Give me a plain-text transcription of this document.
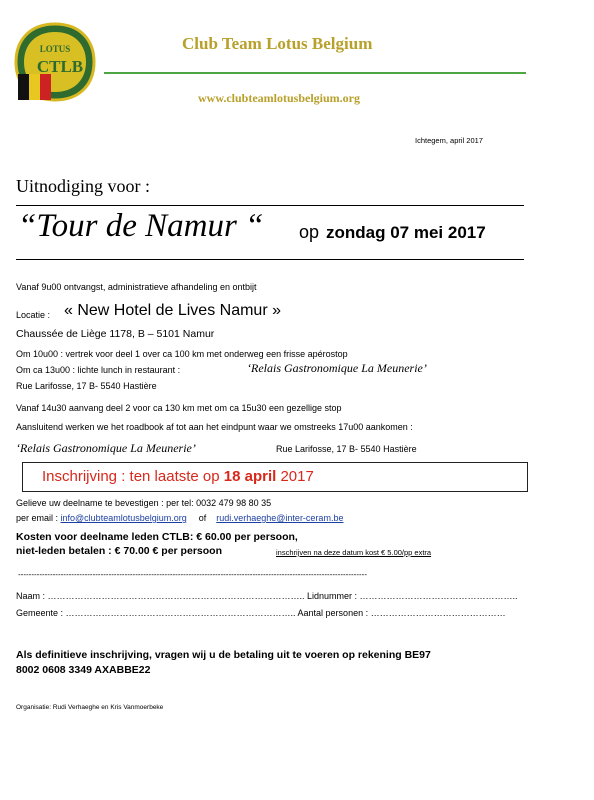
LOTUS
CTLB
Club Team Lotus Belgium
www.clubteamlotusbelgium.org
Ichtegem, april 2017
Uitnodiging voor :
“Tour de Namur “ op zondag 07 mei 2017
Vanaf 9u00 ontvangst, administratieve afhandeling en ontbijt
Locatie : « New Hotel de Lives Namur »
Chaussée de Liège 1178, B – 5101 Namur
Om 10u00 : vertrek voor deel 1 over ca 100 km met onderweg een frisse apérostop
Om ca 13u00 : lichte lunch in restaurant :	‘Relais Gastronomique La Meunerie’
Rue Larifosse, 17 B- 5540 Hastière
Vanaf 14u30 aanvang deel 2 voor ca 130 km met om ca 15u30 een gezellige stop
Aansluitend werken we het roadbook af tot aan het eindpunt waar we omstreeks 17u00 aankomen :
‘Relais Gastronomique La Meunerie’	Rue Larifosse, 17 B- 5540 Hastière
Inschrijving : ten laatste op 18 april 2017
Gelieve uw deelname te bevestigen : per tel: 0032 479 98 80 35
per email : info@clubteamlotusbelgium.org of rudi.verhaeghe@inter-ceram.be
Kosten voor deelname leden CTLB: € 60.00 per persoon,
niet-leden betalen : € 70.00 € per persoon	inschrijven na deze datum kost € 5.00/pp extra
-----------------------------------------------------------------------------------------------------------------------------------
Naam : ………………………………………………………………………….. Lidnummer : ……………………………………………..
Gemeente : ………………………………………………………………….. Aantal personen : ………………………………………
Als definitieve inschrijving, vragen wij u de betaling uit te voeren op rekening BE97
8002 0608 3349 AXABBE22
Organisatie: Rudi Verhaeghe en Kris Vanmoerbeke
